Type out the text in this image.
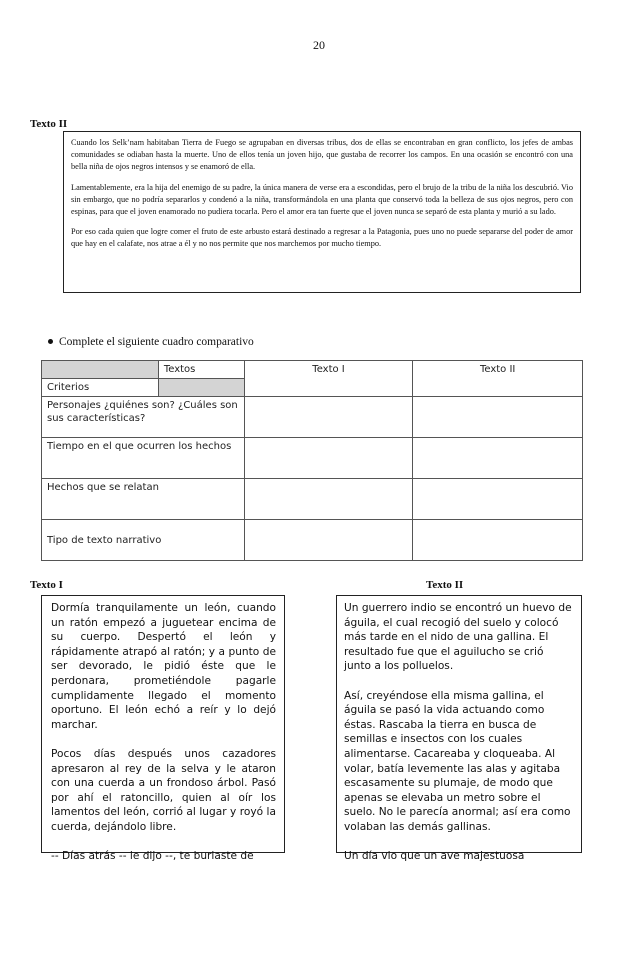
20
Texto II

Cuando los Selk’nam habitaban Tierra de Fuego se agrupaban en diversas tribus, dos de ellas se encontraban en gran conflicto, los jefes de ambas comunidades se odiaban hasta la muerte. Uno de ellos tenía un joven hijo, que gustaba de recorrer los campos. En una ocasión se encontró con una bella niña de ojos negros intensos y se enamoró de ella.

Lamentablemente, era la hija del enemigo de su padre, la única manera de verse era a escondidas, pero el brujo de la tribu de la niña los descubrió. Vio sin embargo, que no podría separarlos y condenó a la niña, transformándola en una planta que conservó toda la belleza de sus ojos negros, pero con espinas, para que el joven enamorado no pudiera tocarla. Pero el amor era tan fuerte que el joven nunca se separó de esta planta y murió a su lado.

Por eso cada quien que logre comer el fruto de este arbusto estará destinado a regresar a la Patagonia, pues uno no puede separarse del poder de amor que hay en el calafate, nos atrae a él y no nos permite que nos marchemos por mucho tiempo.

Complete el siguiente cuadro comparativo
	Textos	Texto I	Texto II
Criterios			
Personajes ¿quiénes son? ¿Cuáles son sus características?			
Tiempo en el que ocurren los hechos			
Hechos que se relatan			
Tipo de texto narrativo			
Texto I	Texto II

Dormía tranquilamente un león, cuando un ratón empezó a juguetear encima de su cuerpo. Despertó el león y rápidamente atrapó al ratón; y a punto de ser devorado, le pidió éste que le perdonara, prometiéndole pagarle cumplidamente llegado el momento oportuno. El león echó a reír y lo dejó marchar.

Pocos días después unos cazadores apresaron al rey de la selva y le ataron con una cuerda a un frondoso árbol. Pasó por ahí el ratoncillo, quien al oír los lamentos del león, corrió al lugar y royó la cuerda, dejándolo libre.

-- Días atrás -- le dijo --, te burlaste de

Un guerrero indio se encontró un huevo de águila, el cual recogió del suelo y colocó más tarde en el nido de una gallina. El resultado fue que el aguilucho se crió junto a los polluelos.

Así, creyéndose ella misma gallina, el águila se pasó la vida actuando como éstas. Rascaba la tierra en busca de semillas e insectos con los cuales alimentarse. Cacareaba y cloqueaba. Al volar, batía levemente las alas y agitaba escasamente su plumaje, de modo que apenas se elevaba un metro sobre el suelo. No le parecía anormal; así era como volaban las demás gallinas.

Un día vio que un ave majestuosa
